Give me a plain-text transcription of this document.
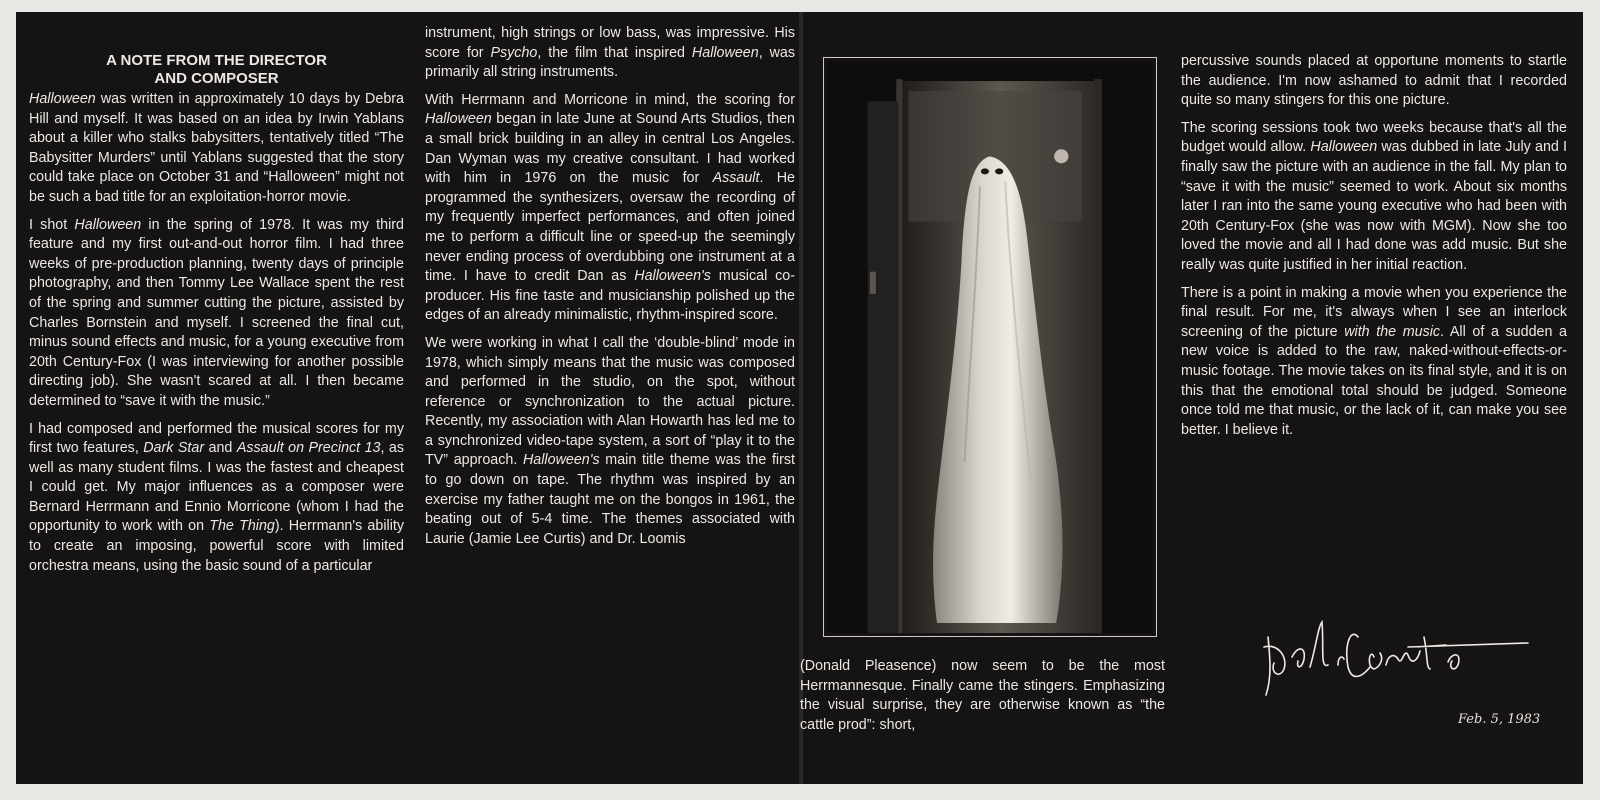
A NOTE FROM THE DIRECTOR
AND COMPOSER

Halloween was written in approximately 10 days by Debra Hill and myself. It was based on an idea by Irwin Yablans about a killer who stalks babysitters, tentatively titled “The Babysitter Murders” until Yablans suggested that the story could take place on October 31 and “Halloween” might not be such a bad title for an exploitation-horror movie.

I shot Halloween in the spring of 1978. It was my third feature and my first out-and-out horror film. I had three weeks of pre-production planning, twenty days of principle photography, and then Tommy Lee Wallace spent the rest of the spring and summer cutting the picture, assisted by Charles Bornstein and myself. I screened the final cut, minus sound effects and music, for a young executive from 20th Century-Fox (I was interviewing for another possible directing job). She wasn't scared at all. I then became determined to “save it with the music.”

I had composed and performed the musical scores for my first two features, Dark Star and Assault on Precinct 13, as well as many student films. I was the fastest and cheapest I could get. My major influences as a composer were Bernard Herrmann and Ennio Morricone (whom I had the opportunity to work with on The Thing). Herrmann's ability to create an imposing, powerful score with limited orchestra means, using the basic sound of a particular

instrument, high strings or low bass, was impressive. His score for Psycho, the film that inspired Halloween, was primarily all string instruments.

With Herrmann and Morricone in mind, the scoring for Halloween began in late June at Sound Arts Studios, then a small brick building in an alley in central Los Angeles. Dan Wyman was my creative consultant. I had worked with him in 1976 on the music for Assault. He programmed the synthesizers, oversaw the recording of my frequently imperfect performances, and often joined me to perform a difficult line or speed-up the seemingly never ending process of overdubbing one instrument at a time. I have to credit Dan as Halloween's musical co-producer. His fine taste and musicianship polished up the edges of an already minimalistic, rhythm-inspired score.

We were working in what I call the ‘double-blind’ mode in 1978, which simply means that the music was composed and performed in the studio, on the spot, without reference or synchronization to the actual picture. Recently, my association with Alan Howarth has led me to a synchronized video-tape system, a sort of “play it to the TV” approach. Halloween's main title theme was the first to go down on tape. The rhythm was inspired by an exercise my father taught me on the bongos in 1961, the beating out of 5-4 time. The themes associated with Laurie (Jamie Lee Curtis) and Dr. Loomis

(Donald Pleasence) now seem to be the most Herrmannesque. Finally came the stingers. Emphasizing the visual surprise, they are otherwise known as “the cattle prod”: short,

percussive sounds placed at opportune moments to startle the audience. I'm now ashamed to admit that I recorded quite so many stingers for this one picture.

The scoring sessions took two weeks because that's all the budget would allow. Halloween was dubbed in late July and I finally saw the picture with an audience in the fall. My plan to “save it with the music” seemed to work. About six months later I ran into the same young executive who had been with 20th Century-Fox (she was now with MGM). Now she too loved the movie and all I had done was add music. But she really was quite justified in her initial reaction.

There is a point in making a movie when you experience the final result. For me, it's always when I see an interlock screening of the picture with the music. All of a sudden a new voice is added to the raw, naked-without-effects-or-music footage. The movie takes on its final style, and it is on this that the emotional total should be judged. Someone once told me that music, or the lack of it, can make you see better. I believe it.

Feb. 5, 1983
